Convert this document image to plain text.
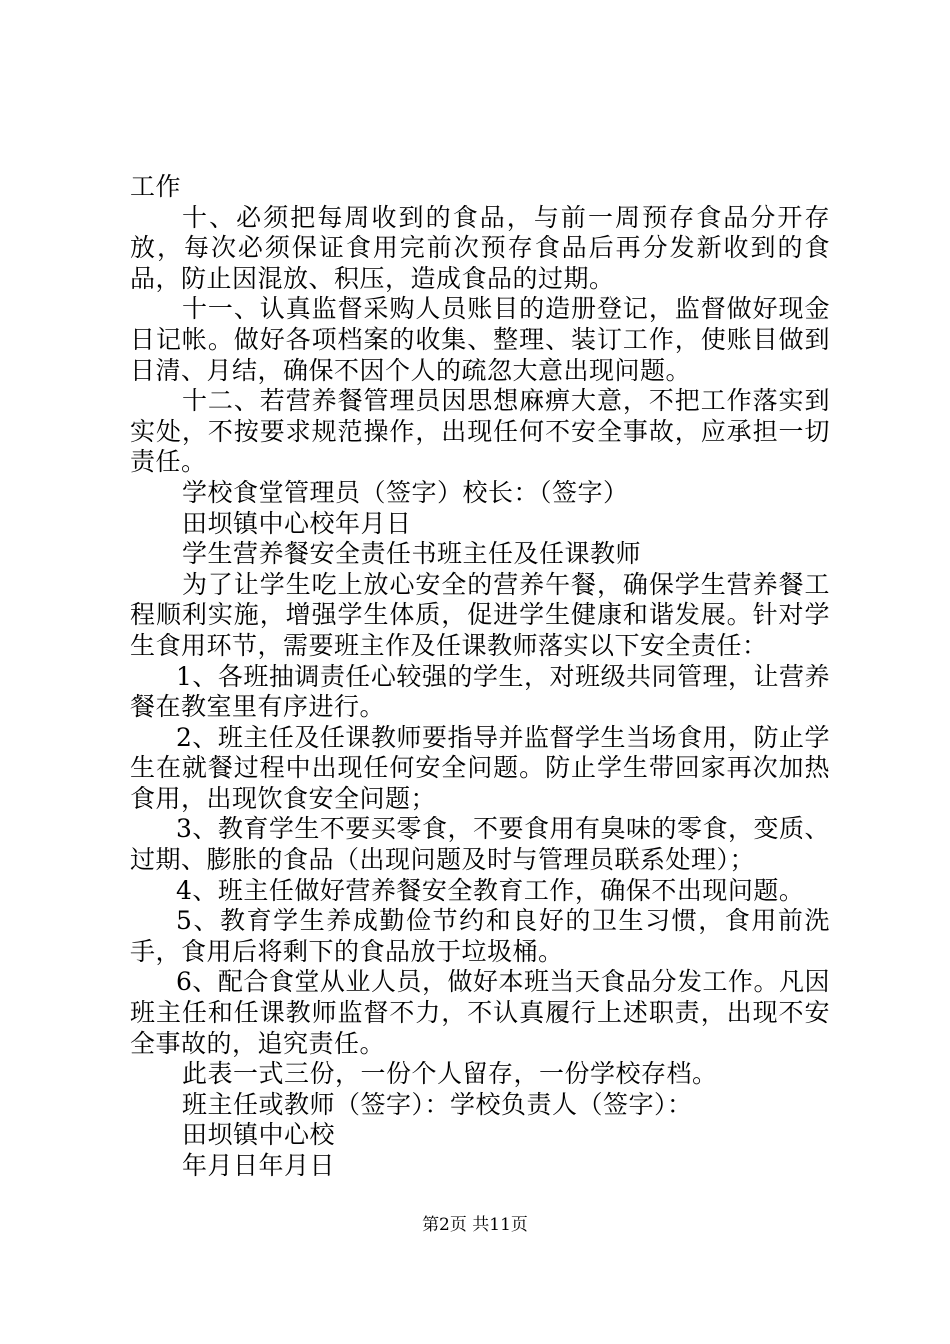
工作

十、必须把每周收到的食品，与前一周预存食品分开存放，每次必须保证食用完前次预存食品后再分发新收到的食品，防止因混放、积压，造成食品的过期。

十一、认真监督采购人员账目的造册登记，监督做好现金日记帐。做好各项档案的收集、整理、装订工作，使账目做到日清、月结，确保不因个人的疏忽大意出现问题。

十二、若营养餐管理员因思想麻痹大意，不把工作落实到实处，不按要求规范操作，出现任何不安全事故，应承担一切责任。

学校食堂管理员（签字）校长：（签字）

田坝镇中心校年月日

学生营养餐安全责任书班主任及任课教师

为了让学生吃上放心安全的营养午餐，确保学生营养餐工程顺利实施，增强学生体质，促进学生健康和谐发展。针对学生食用环节，需要班主作及任课教师落实以下安全责任：

1、各班抽调责任心较强的学生，对班级共同管理，让营养餐在教室里有序进行。

2、班主任及任课教师要指导并监督学生当场食用，防止学生在就餐过程中出现任何安全问题。防止学生带回家再次加热食用，出现饮食安全问题；

3、教育学生不要买零食，不要食用有臭味的零食，变质、过期、膨胀的食品（出现问题及时与管理员联系处理）；

4、班主任做好营养餐安全教育工作，确保不出现问题。

5、教育学生养成勤俭节约和良好的卫生习惯，食用前洗手，食用后将剩下的食品放于垃圾桶。

6、配合食堂从业人员，做好本班当天食品分发工作。凡因班主任和任课教师监督不力，不认真履行上述职责，出现不安全事故的，追究责任。

此表一式三份，一份个人留存，一份学校存档。

班主任或教师（签字）：学校负责人（签字）：

田坝镇中心校

年月日年月日

第2页 共11页
